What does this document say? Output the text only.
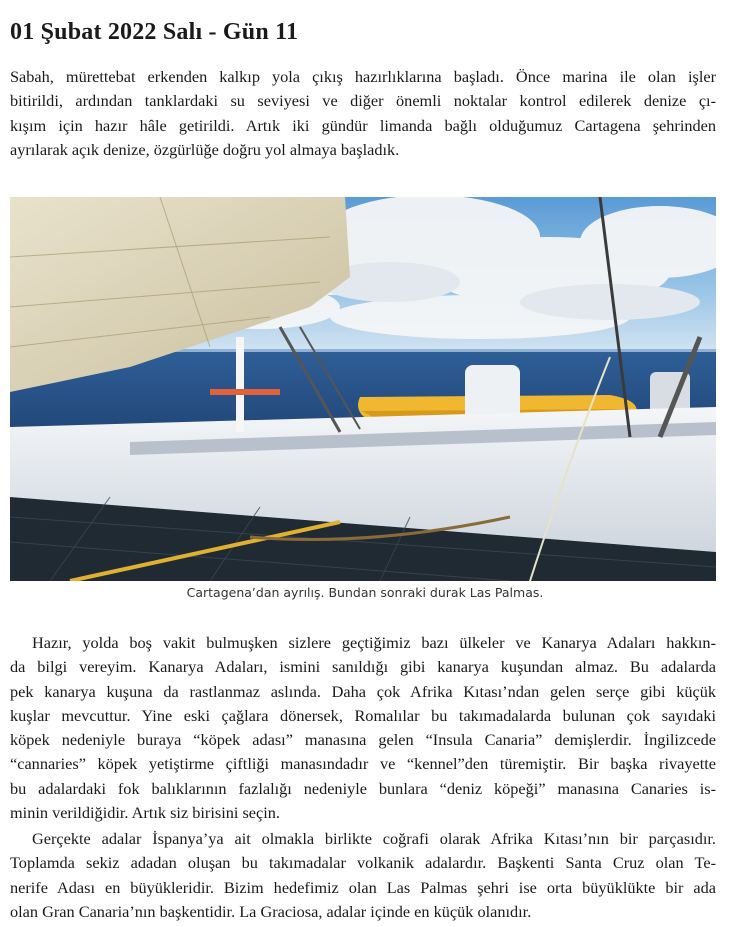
01 Şubat 2022 Salı - Gün 11
Sabah, mürettebat erkenden kalkıp yola çıkış hazırlıklarına başladı. Önce marina ile olan işler
bitirildi, ardından tanklardaki su seviyesi ve diğer önemli noktalar kontrol edilerek denize çı-
kışım için hazır hâle getirildi. Artık iki gündür limanda bağlı olduğumuz Cartagena şehrinden
ayrılarak açık denize, özgürlüğe doğru yol almaya başladık.
Cartagena’dan ayrılış. Bundan sonraki durak Las Palmas.
Hazır, yolda boş vakit bulmuşken sizlere geçtiğimiz bazı ülkeler ve Kanarya Adaları hakkın-
da bilgi vereyim. Kanarya Adaları, ismini sanıldığı gibi kanarya kuşundan almaz. Bu adalarda
pek kanarya kuşuna da rastlanmaz aslında. Daha çok Afrika Kıtası’ndan gelen serçe gibi küçük
kuşlar mevcuttur. Yine eski çağlara dönersek, Romalılar bu takımadalarda bulunan çok sayıdaki
köpek nedeniyle buraya “köpek adası” manasına gelen “Insula Canaria” demişlerdir. İngilizcede
“cannaries” köpek yetiştirme çiftliği manasındadır ve “kennel”den türemiştir. Bir başka rivayette
bu adalardaki fok balıklarının fazlalığı nedeniyle bunlara “deniz köpeği” manasına Canaries is-
minin verildiğidir. Artık siz birisini seçin.
Gerçekte adalar İspanya’ya ait olmakla birlikte coğrafi olarak Afrika Kıtası’nın bir parçasıdır.
Toplamda sekiz adadan oluşan bu takımadalar volkanik adalardır. Başkenti Santa Cruz olan Te-
nerife Adası en büyükleridir. Bizim hedefimiz olan Las Palmas şehri ise orta büyüklükte bir ada
olan Gran Canaria’nın başkentidir. La Graciosa, adalar içinde en küçük olanıdır.
